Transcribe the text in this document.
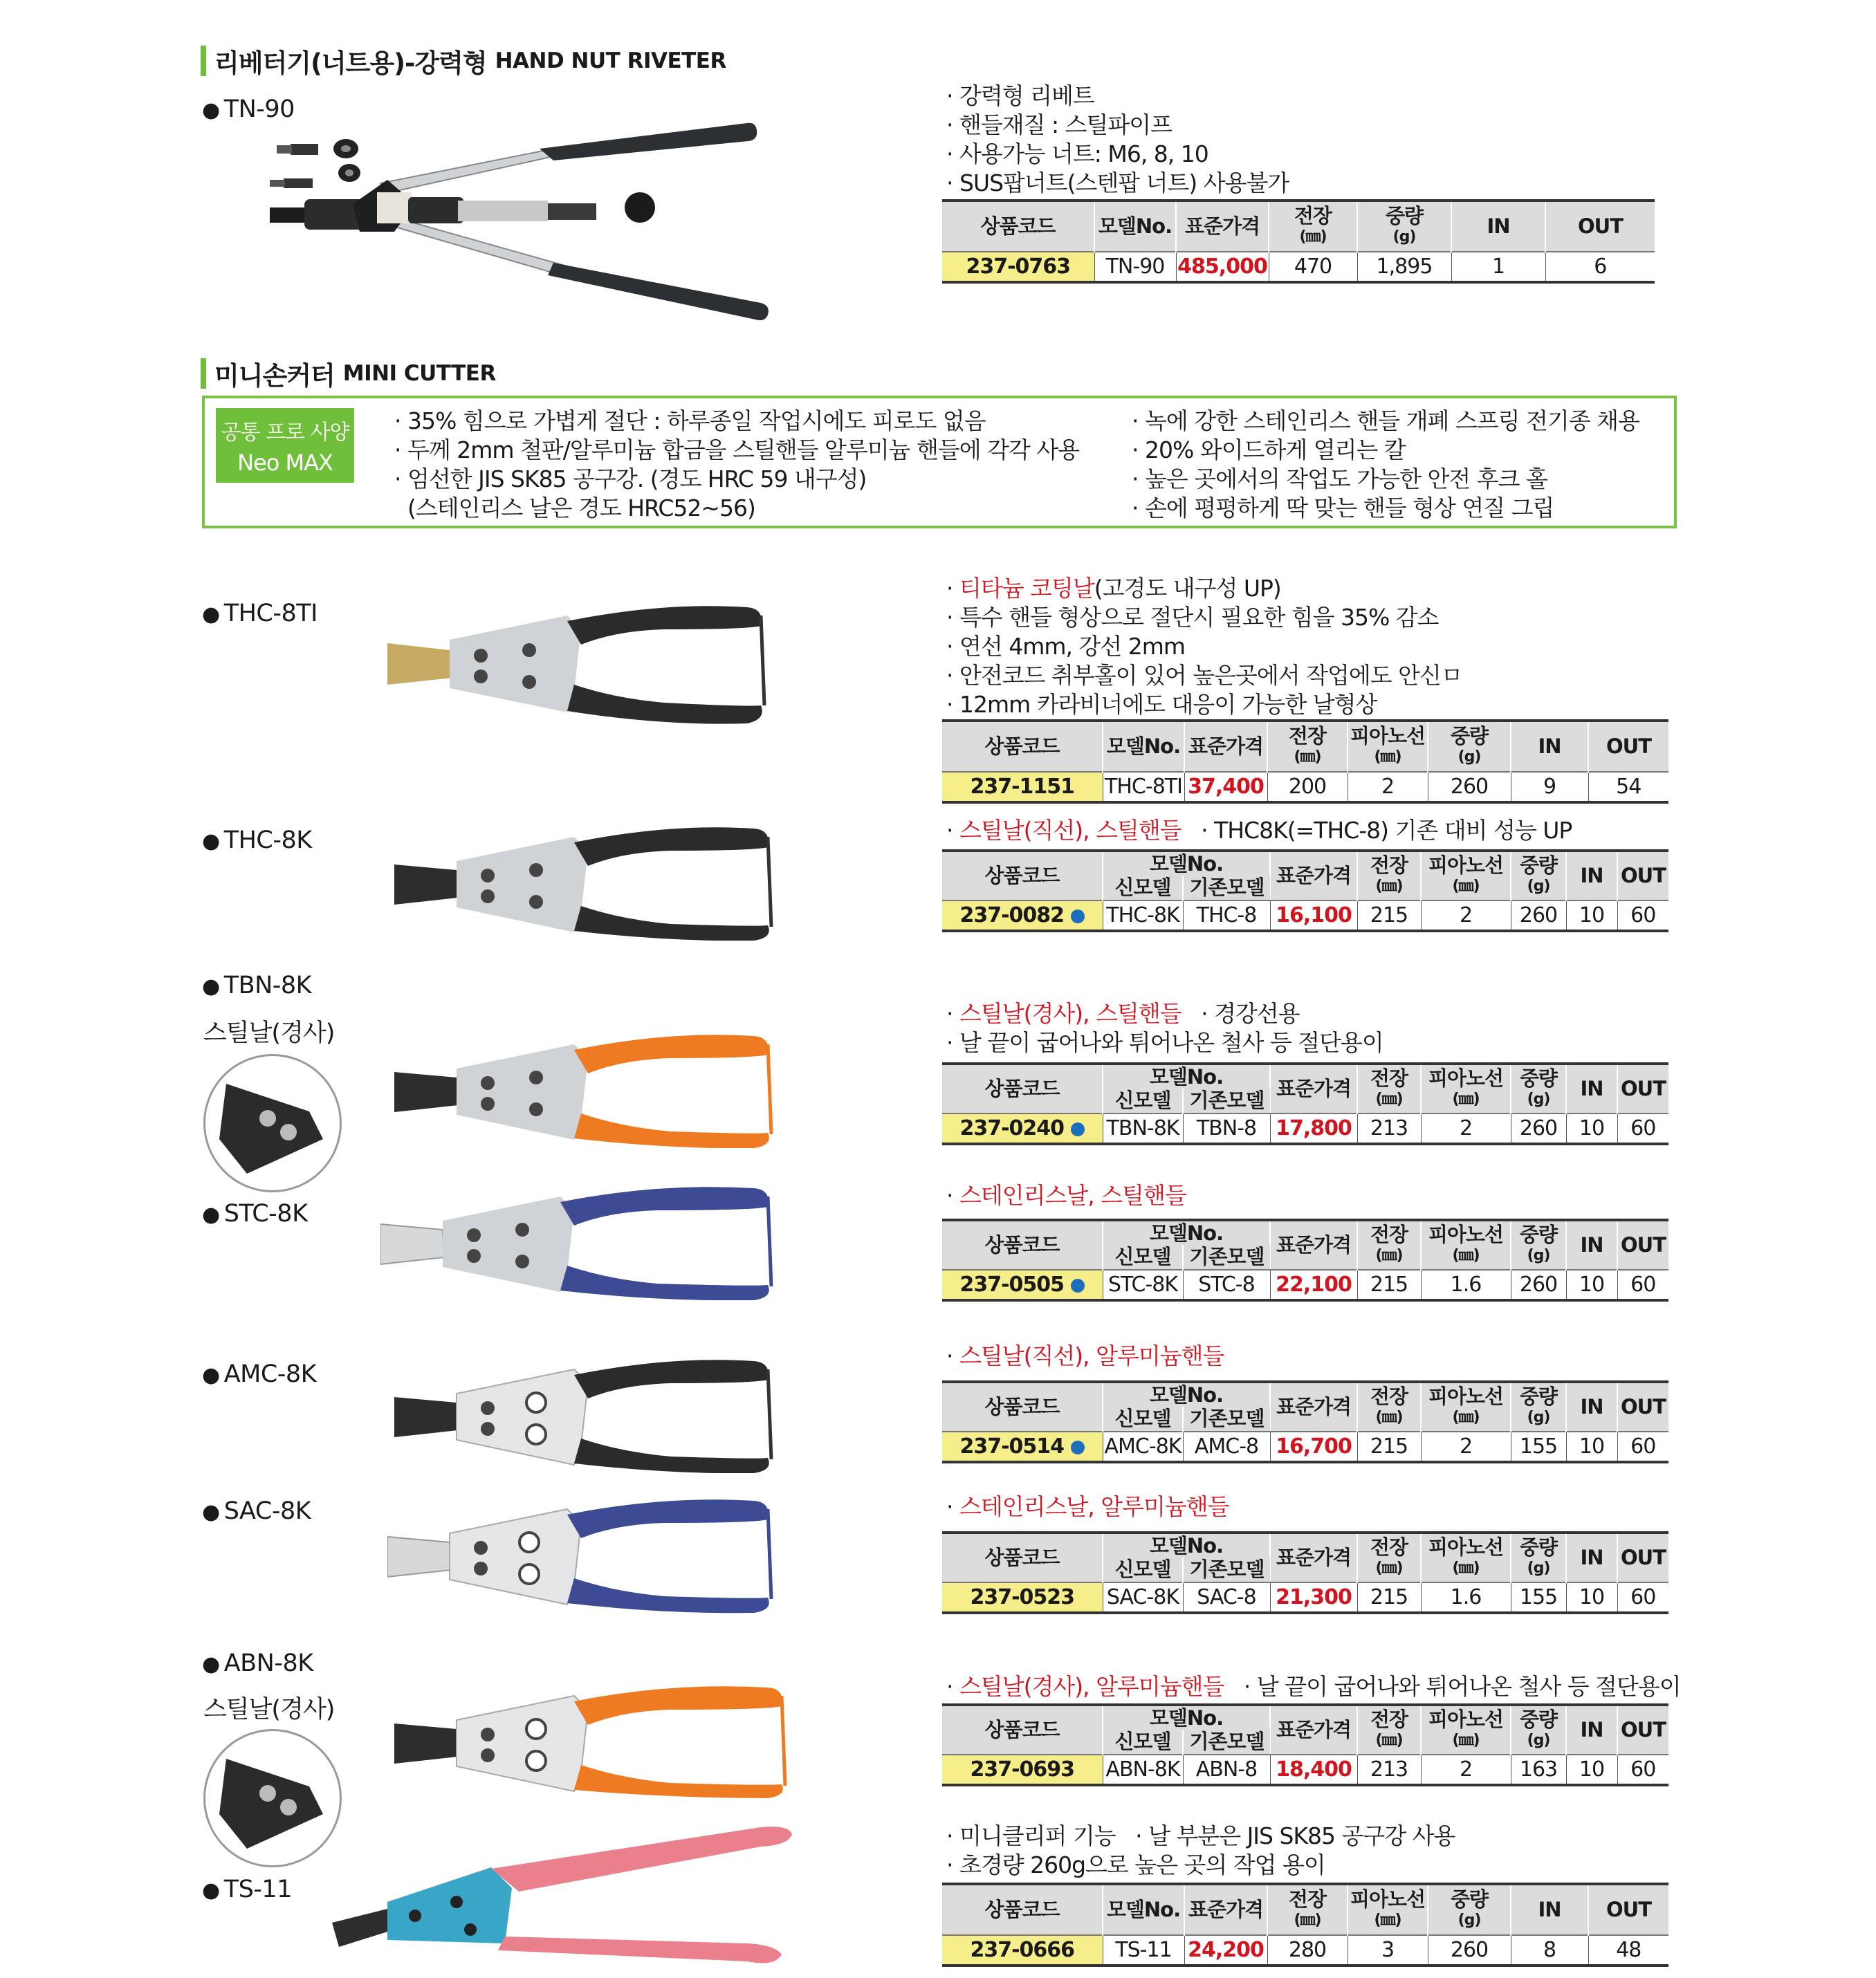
리베터기(너트용)-강력형 HAND NUT RIVETER
● TN-90	· 강력형 리베트
· 핸들재질 : 스틸파이프
· 사용가능 너트: M6, 8, 10
· SUS팝너트(스텐팝 너트) 사용불가
상품코드	모델No.	표준가격	전장
(㎜)	중량
(g)	IN	OUT
237-0763	TN-90	485,000	470	1,895	1	6
미니손커터 MINI CUTTER
공통 프로 사양
Neo MAX
· 35% 힘으로 가볍게 절단 : 하루종일 작업시에도 피로도 없음
· 두께 2mm 철판/알루미늄 합금을 스틸핸들 알루미늄 핸들에 각각 사용
· 엄선한 JIS SK85 공구강. (경도 HRC 59 내구성)
(스테인리스 날은 경도 HRC52~56)
· 녹에 강한 스테인리스 핸들 개폐 스프링 전기종 채용
· 20% 와이드하게 열리는 칼
· 높은 곳에서의 작업도 가능한 안전 후크 홀
· 손에 평평하게 딱 맞는 핸들 형상 연질 그립
● THC-8TI
· 티타늄 코팅날(고경도 내구성 UP)
· 특수 핸들 형상으로 절단시 필요한 힘을 35% 감소
· 연선 4mm, 강선 2mm
· 안전코드 취부홀이 있어 높은곳에서 작업에도 안신ㅁ
· 12mm 카라비너에도 대응이 가능한 날형상
상품코드	모델No.	표준가격	전장
(㎜)	피아노선
(㎜)	중량
(g)	IN	OUT
237-1151	THC-8TI	37,400	200	2	260	9	54
● THC-8K	· 스틸날(직선), 스틸핸들   · THC8K(=THC-8) 기존 대비 성능 UP
상품코드	모델No.		표준가격	전장
(㎜)	피아노선
(㎜)	중량
(g)	IN	OUT
	신모델	기존모델						
237-0082	THC-8K	THC-8	16,100	215	2	260	10	60
● TBN-8K
스틸날(경사)
· 스틸날(경사), 스틸핸들   · 경강선용
· 날 끝이 굽어나와 튀어나온 철사 등 절단용이
상품코드	모델No.		표준가격	전장
(㎜)	피아노선
(㎜)	중량
(g)	IN	OUT
	신모델	기존모델						
237-0240	TBN-8K	TBN-8	17,800	213	2	260	10	60
● STC-8K
· 스테인리스날, 스틸핸들
상품코드	모델No.		표준가격	전장
(㎜)	피아노선
(㎜)	중량
(g)	IN	OUT
	신모델	기존모델						
237-0505	STC-8K	STC-8	22,100	215	1.6	260	10	60
● AMC-8K
· 스틸날(직선), 알루미늄핸들
상품코드	모델No.		표준가격	전장
(㎜)	피아노선
(㎜)	중량
(g)	IN	OUT
	신모델	기존모델						
237-0514	AMC-8K	AMC-8	16,700	215	2	155	10	60
● SAC-8K	· 스테인리스날, 알루미늄핸들
상품코드	모델No.		표준가격	전장
(㎜)	피아노선
(㎜)	중량
(g)	IN	OUT
	신모델	기존모델						
237-0523	SAC-8K	SAC-8	21,300	215	1.6	155	10	60
● ABN-8K
스틸날(경사)
· 스틸날(경사), 알루미늄핸들   · 날 끝이 굽어나와 튀어나온 철사 등 절단용이
상품코드	모델No.		표준가격	전장
(㎜)	피아노선
(㎜)	중량
(g)	IN	OUT
	신모델	기존모델						
237-0693	ABN-8K	ABN-8	18,400	213	2	163	10	60
● TS-11
· 미니클리퍼 기능   · 날 부분은 JIS SK85 공구강 사용
· 초경량 260g으로 높은 곳의 작업 용이
상품코드	모델No.	표준가격	전장
(㎜)	피아노선
(㎜)	중량
(g)	IN	OUT
237-0666	TS-11	24,200	280	3	260	8	48
